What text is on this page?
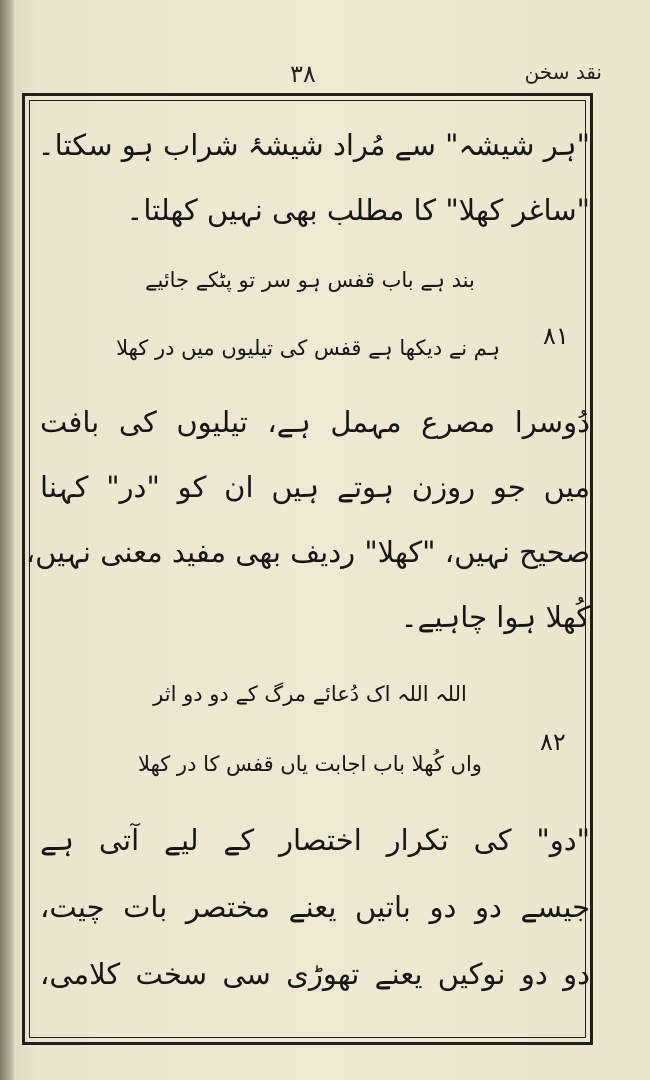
۳۸	نقد سخن
"ہر شیشہ" سے مُراد شیشۂ شراب ہو سکتا۔
"ساغر کھلا" کا مطلب بھی نہیں کھلتا۔
بند ہے باب قفس ہو سر تو پٹکے جائیے
۸۱
ہم نے دیکھا ہے قفس کی تیلیوں میں در کھلا
دُوسرا مصرع مہمل ہے، تیلیوں کی بافت
میں جو روزن ہوتے ہیں ان کو "در" کہنا
صحیح نہیں، "کھلا" ردیف بھی مفید معنی نہیں،
کُھلا ہوا چاہیے۔
اللہ اللہ اک دُعائے مرگ کے دو دو اثر
۸۲
واں کُھلا باب اجابت یاں قفس کا در کھلا
"دو" کی تکرار اختصار کے لیے آتی ہے
جیسے دو دو باتیں یعنے مختصر بات چیت،
دو دو نوکیں یعنے تھوڑی سی سخت کلامی،
